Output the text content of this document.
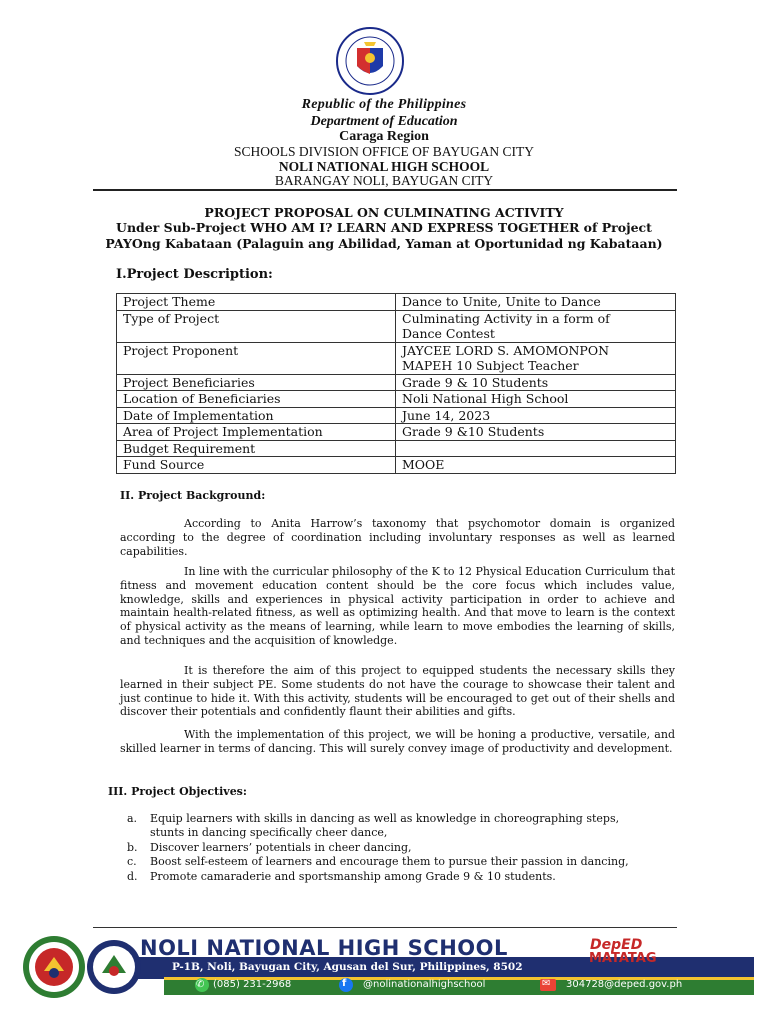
Republic of the Philippines
Department of Education
Caraga Region
SCHOOLS DIVISION OFFICE OF BAYUGAN CITY
NOLI NATIONAL HIGH SCHOOL
BARANGAY NOLI, BAYUGAN CITY
PROJECT PROPOSAL ON CULMINATING ACTIVITY
Under Sub-Project WHO AM I? LEARN AND EXPRESS TOGETHER of Project
PAYOng Kabataan (Palaguin ang Abilidad, Yaman at Oportunidad ng Kabataan)
I.Project Description:
Project Theme	Dance to Unite, Unite to Dance
Type of Project	Culminating Activity in a form of
Dance Contest

Project Proponent	JAYCEE LORD S. AMOMONPON
MAPEH 10 Subject Teacher

Project Beneficiaries	Grade 9 & 10 Students
Location of Beneficiaries	Noli National High School
Date of Implementation	June 14, 2023
Area of Project Implementation	Grade 9 &10 Students
Budget Requirement	
Fund Source	MOOE
II. Project Background:
According to Anita Harrow’s taxonomy that psychomotor domain is organized according to the degree of coordination including involuntary responses as well as learned capabilities.
In line with the curricular philosophy of the K to 12 Physical Education Curriculum that fitness and movement education content should be the core focus which includes value, knowledge, skills and experiences in physical activity participation in order to achieve and maintain health-related fitness, as well as optimizing health. And that move to learn is the context of physical activity as the means of learning, while learn to move embodies the learning of skills, and techniques and the acquisition of knowledge.
It is therefore the aim of this project to equipped students the necessary skills they learned in their subject PE. Some students do not have the courage to showcase their talent and just continue to hide it. With this activity, students will be encouraged to get out of their shells and discover their potentials and confidently flaunt their abilities and gifts.
With the implementation of this project, we will be honing a productive, versatile, and skilled learner in terms of dancing. This will surely convey image of productivity and development.
III. Project Objectives:
a. Equip learners with skills in dancing as well as knowledge in choreographing steps, stunts in dancing specifically cheer dance,
b. Discover learners’ potentials in cheer dancing,
c. Boost self-esteem of learners and encourage them to pursue their passion in dancing,
d. Promote camaraderie and sportsmanship among Grade 9 & 10 students.
NOLI NATIONAL HIGH SCHOOL
P-1B, Noli, Bayugan City, Agusan del Sur, Philippines, 8502
✆ (085) 231-2968	f @nolinationalhighschool	✉ 304728@deped.gov.ph
DepED
MATATAG
